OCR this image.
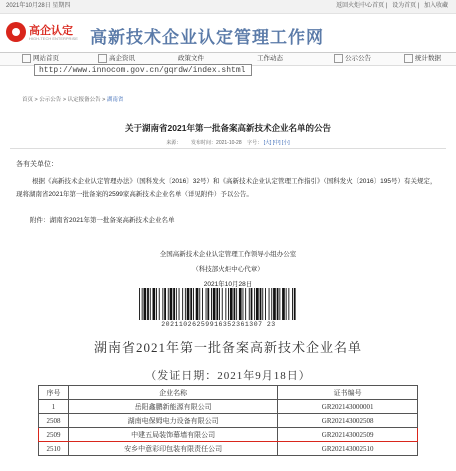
2021年10月28日 星期四	返回火炬中心首页 | 设为首页 | 加入收藏
高企认定
HIGH-TECH ENTERPRISE 高新技术企业认定管理工作网
网站首页	高企资讯	政策文件	工作动态	公示公告	统计数据
http://www.innocom.gov.cn/gqrdw/index.shtml
首页 > 公示公告 > 认定报备公告 > 湖南省
关于湖南省2021年第一批备案高新技术企业名单的公告
来源： 发布时间：2021-10-28 字号： [大] [中] [小]
各有关单位：
根据《高新技术企业认定管理办法》（国科发火〔2016〕32号）和《高新技术企业认定管理工作指引》（国科发火〔2016〕195号）有关规定，现将湖南省2021年第一批备案的2599家高新技术企业名单（详见附件）予以公告。
附件：湖南省2021年第一批备案高新技术企业名单
全国高新技术企业认定管理工作领导小组办公室
（科技部火炬中心代章）
2021年10月28日
20211026259916352361307 23
湖南省2021年第一批备案高新技术企业名单
（发证日期：2021年9月18日）
序号	企业名称	证书编号
1	岳阳鑫鹏新能源有限公司	GR202143000001
2508	湖南电保姆电力设备有限公司	GR202143002508
2509	中建五局装饰幕墙有限公司	GR202143002509
2510	安乡中意彩印包装有限责任公司	GR202143002510
